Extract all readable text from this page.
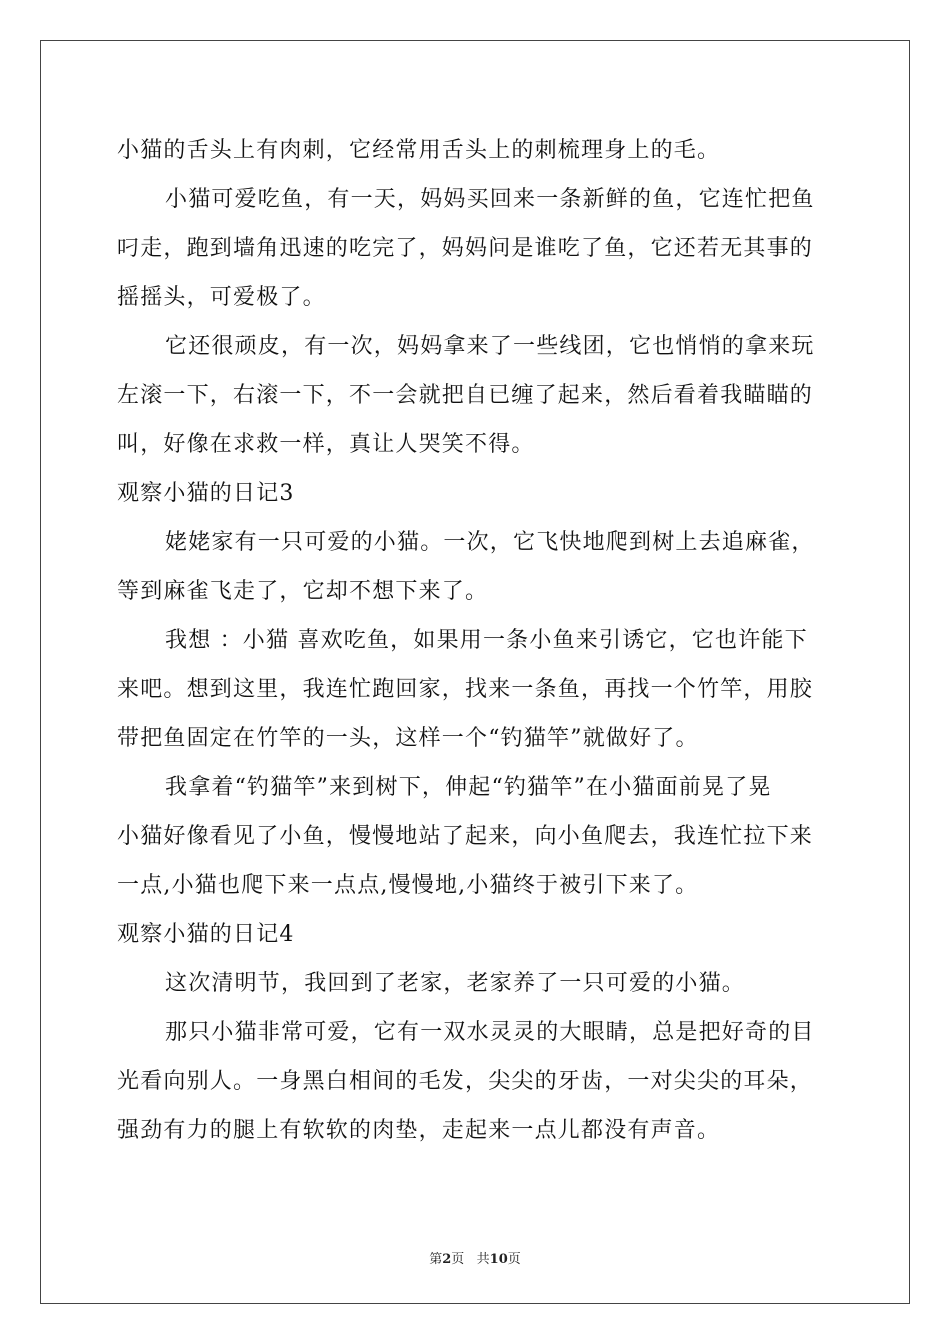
小猫的舌头上有肉刺，它经常用舌头上的刺梳理身上的毛。
小猫可爱吃鱼，有一天，妈妈买回来一条新鲜的鱼，它连忙把鱼
叼走，跑到墙角迅速的吃完了，妈妈问是谁吃了鱼，它还若无其事的
摇摇头，可爱极了。
它还很顽皮，有一次，妈妈拿来了一些线团，它也悄悄的拿来玩
左滚一下，右滚一下，不一会就把自已缠了起来，然后看着我瞄瞄的
叫，好像在求救一样，真让人哭笑不得。
观察小猫的日记3
姥姥家有一只可爱的小猫。一次，它飞快地爬到树上去追麻雀，
等到麻雀飞走了，它却不想下来了。
我想 ：小猫 喜欢吃鱼，如果用一条小鱼来引诱它，它也许能下
来吧。想到这里，我连忙跑回家，找来一条鱼，再找一个竹竿，用胶
带把鱼固定在竹竿的一头，这样一个“钓猫竿”就做好了。
我拿着“钓猫竿”来到树下，伸起“钓猫竿”在小猫面前晃了晃
小猫好像看见了小鱼，慢慢地站了起来，向小鱼爬去，我连忙拉下来
一点,小猫也爬下来一点点,慢慢地,小猫终于被引下来了。
观察小猫的日记4
这次清明节，我回到了老家，老家养了一只可爱的小猫。
那只小猫非常可爱，它有一双水灵灵的大眼睛，总是把好奇的目
光看向别人。一身黑白相间的毛发，尖尖的牙齿，一对尖尖的耳朵，
强劲有力的腿上有软软的肉垫，走起来一点儿都没有声音。
第2页   共10页
